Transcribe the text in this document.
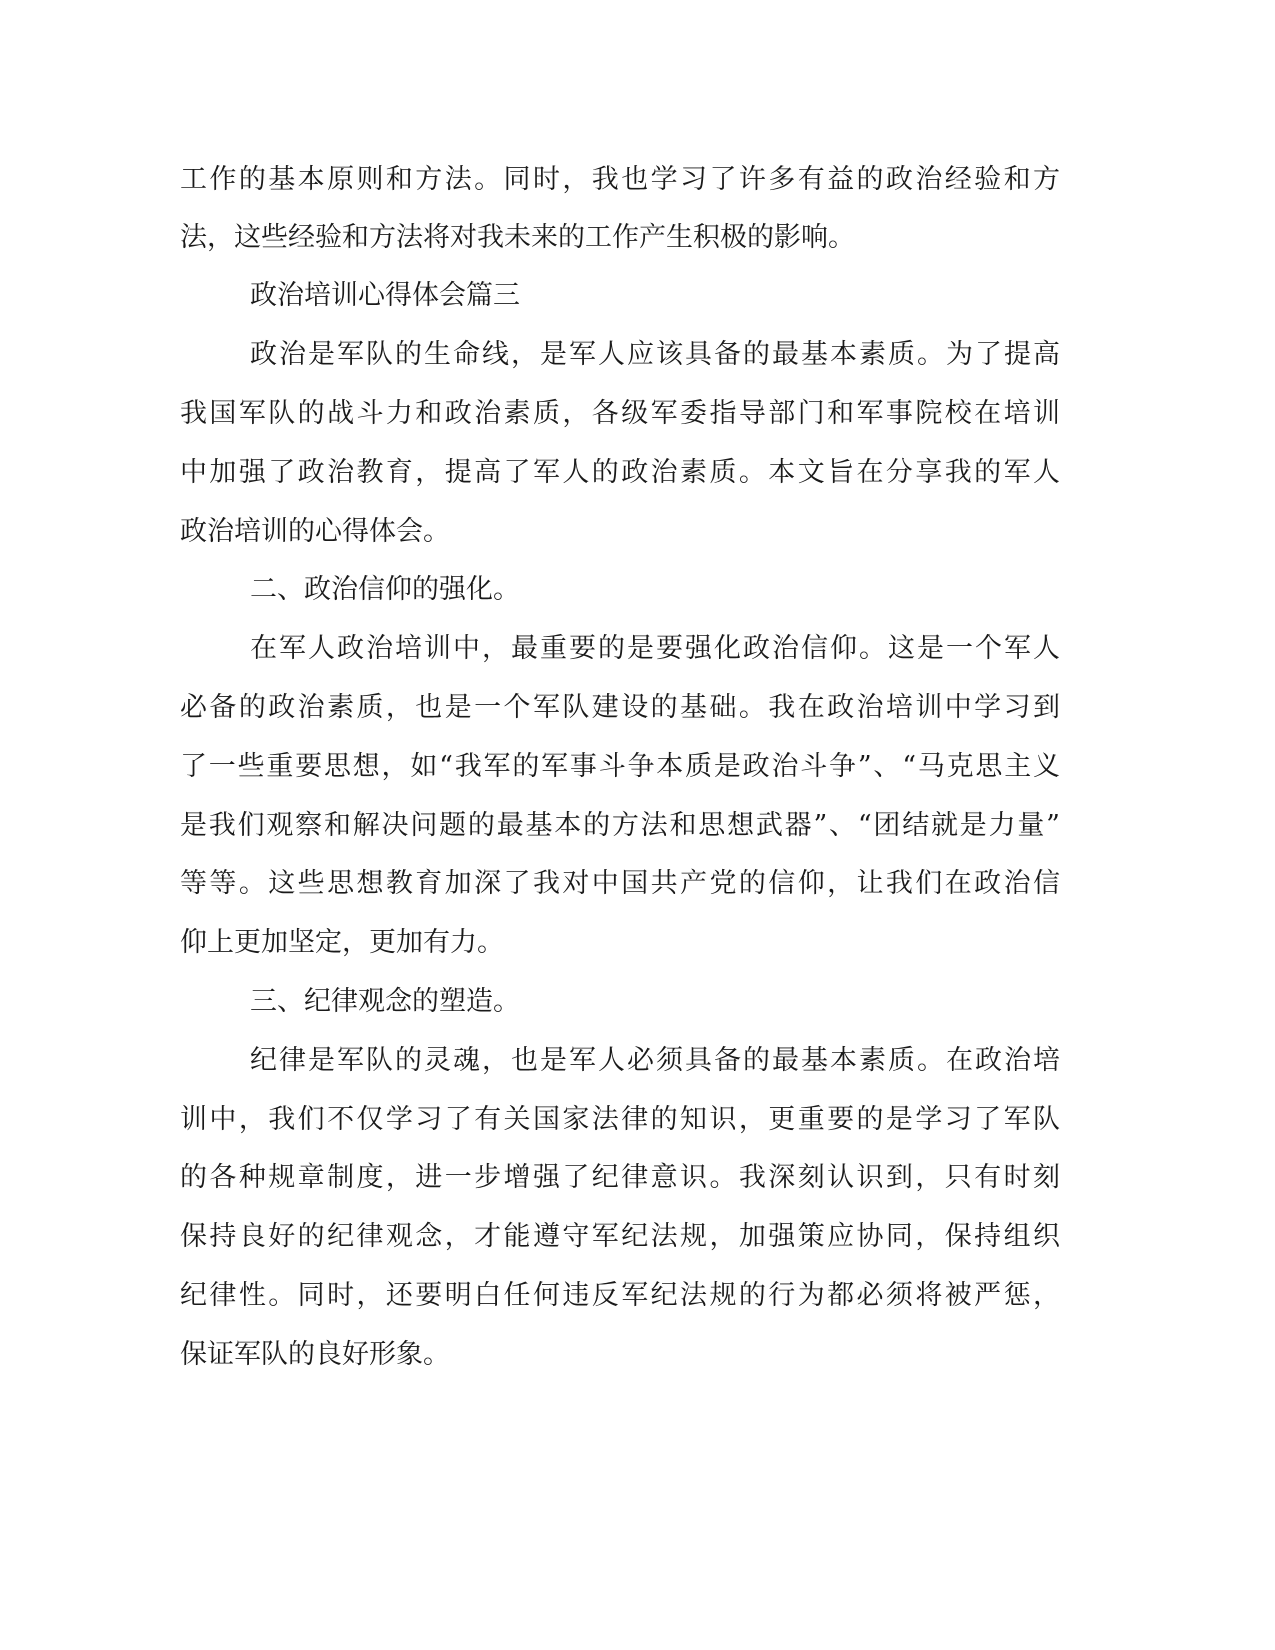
工作的基本原则和方法。同时，我也学习了许多有益的政治经验和方
法，这些经验和方法将对我未来的工作产生积极的影响。
政治培训心得体会篇三
政治是军队的生命线，是军人应该具备的最基本素质。为了提高
我国军队的战斗力和政治素质，各级军委指导部门和军事院校在培训
中加强了政治教育，提高了军人的政治素质。本文旨在分享我的军人
政治培训的心得体会。
二、政治信仰的强化。
在军人政治培训中，最重要的是要强化政治信仰。这是一个军人
必备的政治素质，也是一个军队建设的基础。我在政治培训中学习到
了一些重要思想，如“我军的军事斗争本质是政治斗争”、“马克思主义
是我们观察和解决问题的最基本的方法和思想武器”、“团结就是力量”
等等。这些思想教育加深了我对中国共产党的信仰，让我们在政治信
仰上更加坚定，更加有力。
三、纪律观念的塑造。
纪律是军队的灵魂，也是军人必须具备的最基本素质。在政治培
训中，我们不仅学习了有关国家法律的知识，更重要的是学习了军队
的各种规章制度，进一步增强了纪律意识。我深刻认识到，只有时刻
保持良好的纪律观念，才能遵守军纪法规，加强策应协同，保持组织
纪律性。同时，还要明白任何违反军纪法规的行为都必须将被严惩，
保证军队的良好形象。
